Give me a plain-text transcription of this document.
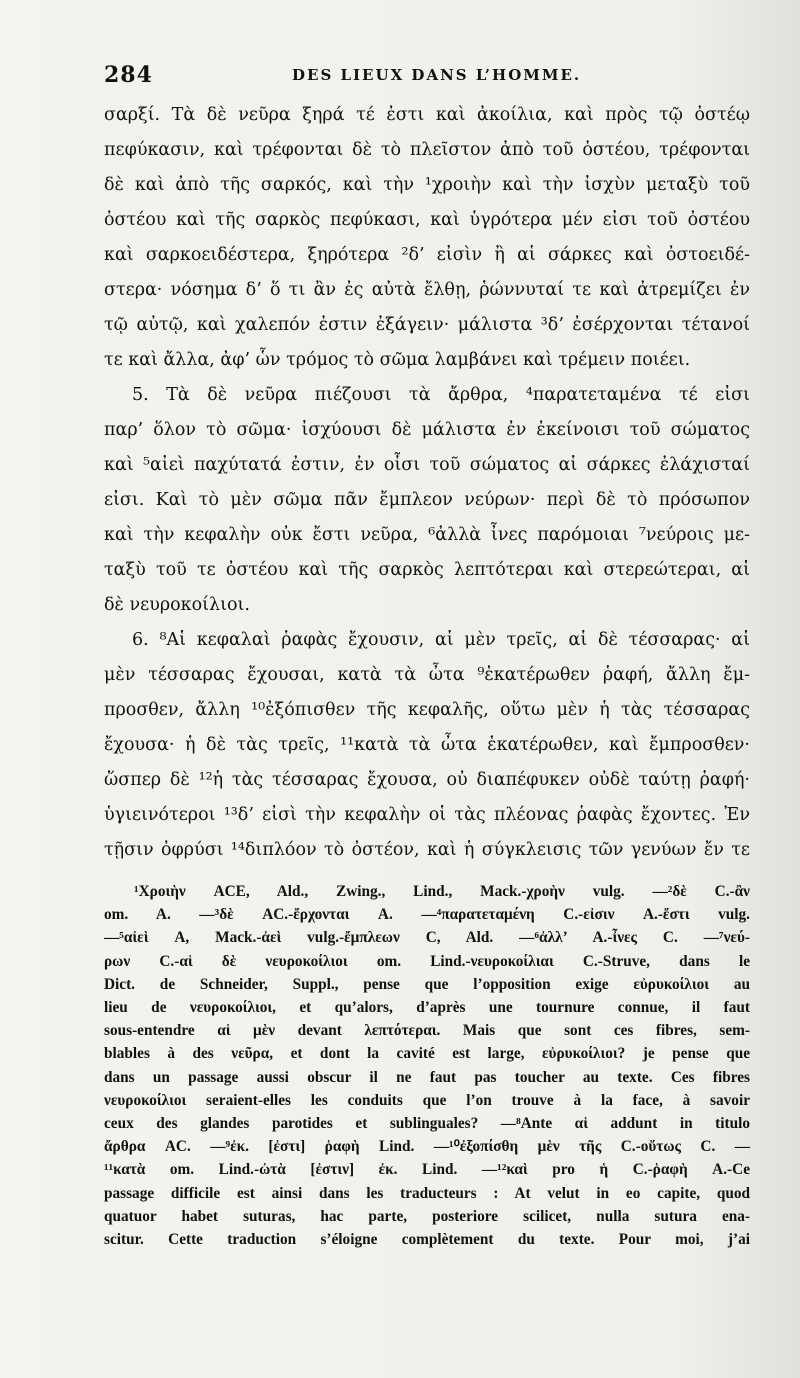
284	DES LIEUX DANS L’HOMME.
σαρξί. Τὰ δὲ νεῦρα ξηρά τέ ἐστι καὶ ἀκοίλια, καὶ πρὸς τῷ ὀστέῳ
πεφύκασιν, καὶ τρέφονται δὲ τὸ πλεῖστον ἀπὸ τοῦ ὀστέου, τρέφονται
δὲ καὶ ἀπὸ τῆς σαρκός, καὶ τὴν ¹χροιὴν καὶ τὴν ἰσχὺν μεταξὺ τοῦ
ὀστέου καὶ τῆς σαρκὸς πεφύκασι, καὶ ὑγρότερα μέν εἰσι τοῦ ὀστέου
καὶ σαρκοειδέστερα, ξηρότερα ²δ’ εἰσὶν ἢ αἱ σάρκες καὶ ὀστοειδέ-
στερα· νόσημα δ’ ὅ τι ἂν ἐς αὐτὰ ἔλθῃ, ῥώννυταί τε καὶ ἀτρεμίζει ἐν
τῷ αὐτῷ, καὶ χαλεπόν ἐστιν ἐξάγειν· μάλιστα ³δ’ ἐσέρχονται τέτανοί
τε καὶ ἄλλα, ἀφ’ ὧν τρόμος τὸ σῶμα λαμβάνει καὶ τρέμειν ποιέει.
5. Τὰ δὲ νεῦρα πιέζουσι τὰ ἄρθρα, ⁴παρατεταμένα τέ εἰσι
παρ’ ὅλον τὸ σῶμα· ἰσχύουσι δὲ μάλιστα ἐν ἐκείνοισι τοῦ σώματος
καὶ ⁵αἰεὶ παχύτατά ἐστιν, ἐν οἷσι τοῦ σώματος αἱ σάρκες ἐλάχισταί
εἰσι. Καὶ τὸ μὲν σῶμα πᾶν ἔμπλεον νεύρων· περὶ δὲ τὸ πρόσωπον
καὶ τὴν κεφαλὴν οὐκ ἔστι νεῦρα, ⁶ἀλλὰ ἶνες παρόμοιαι ⁷νεύροις με-
ταξὺ τοῦ τε ὀστέου καὶ τῆς σαρκὸς λεπτότεραι καὶ στερεώτεραι, αἱ
δὲ νευροκοίλιοι.
6. ⁸Αἱ κεφαλαὶ ῥαφὰς ἔχουσιν, αἱ μὲν τρεῖς, αἱ δὲ τέσσαρας· αἱ
μὲν τέσσαρας ἔχουσαι, κατὰ τὰ ὦτα ⁹ἑκατέρωθεν ῥαφή, ἄλλη ἔμ-
προσθεν, ἄλλη ¹⁰ἐξόπισθεν τῆς κεφαλῆς, οὕτω μὲν ἡ τὰς τέσσαρας
ἔχουσα· ἡ δὲ τὰς τρεῖς, ¹¹κατὰ τὰ ὦτα ἑκατέρωθεν, καὶ ἔμπροσθεν·
ὥσπερ δὲ ¹²ἡ τὰς τέσσαρας ἔχουσα, οὐ διαπέφυκεν οὐδὲ ταύτῃ ῥαφή·
ὑγιεινότεροι ¹³δ’ εἰσὶ τὴν κεφαλὴν οἱ τὰς πλέονας ῥαφὰς ἔχοντες. Ἐν
τῇσιν ὀφρύσι ¹⁴διπλόον τὸ ὀστέον, καὶ ἡ σύγκλεισις τῶν γενύων ἔν τε
¹Χροιὴν ACE, Ald., Zwing., Lind., Mack.-χροὴν vulg. —²δὲ C.-ἂν
om. A. —³δὲ AC.-ἔρχονται A. —⁴παρατεταμένη C.-εἰσιν A.-ἔστι vulg.
—⁵αἰεὶ A, Mack.-ἀεὶ vulg.-ἔμπλεων C, Ald. —⁶ἀλλ’ A.-ἶνες C. —⁷νεύ-
ρων C.-αἱ δὲ νευροκοίλιοι om. Lind.-νευροκοίλιαι C.-Struve, dans le
Dict. de Schneider, Suppl., pense que l’opposition exige εὐρυκοίλιοι au
lieu de νευροκοίλιοι, et qu’alors, d’après une tournure connue, il faut
sous-entendre αἱ μὲν devant λεπτότεραι. Mais que sont ces fibres, sem-
blables à des νεῦρα, et dont la cavité est large, εὐρυκοίλιοι? je pense que
dans un passage aussi obscur il ne faut pas toucher au texte. Ces fibres
νευροκοίλιοι seraient-elles les conduits que l’on trouve à la face, à savoir
ceux des glandes parotides et sublinguales? —⁸Ante αἱ addunt in titulo
ἄρθρα AC. —⁹ἐκ. [ἐστι] ῥαφὴ Lind. —¹⁰ἐξοπίσθη μὲν τῆς C.-οὕτως C. —
¹¹κατὰ om. Lind.-ὠτὰ [ἐστιν] ἐκ. Lind. —¹²καὶ pro ἡ C.-ῥαφὴ A.-Ce
passage difficile est ainsi dans les traducteurs : At velut in eo capite, quod
quatuor habet suturas, hac parte, posteriore scilicet, nulla sutura ena-
scitur. Cette traduction s’éloigne complètement du texte. Pour moi, j’ai
